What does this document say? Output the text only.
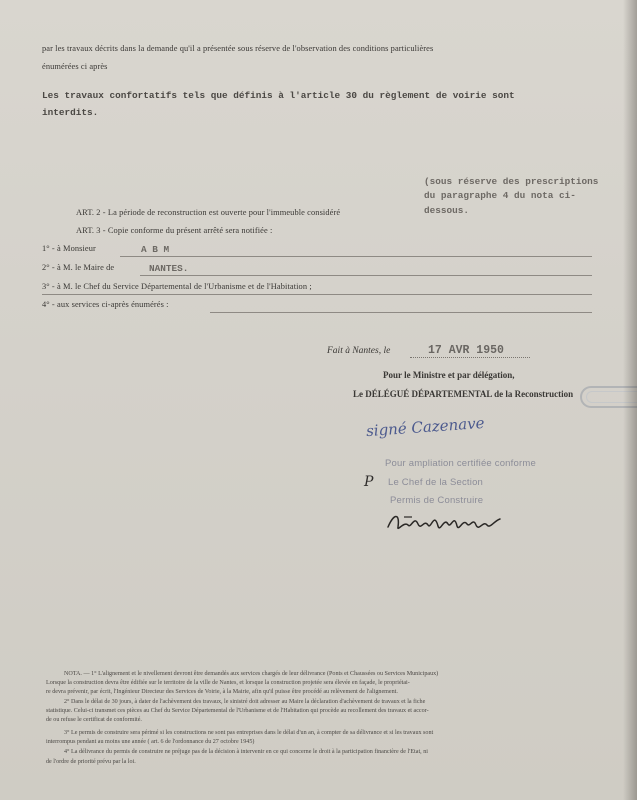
par les travaux décrits dans la demande qu'il a présentée sous réserve de l'observation des conditions particulières
énumérées ci après
Les travaux confortatifs tels que définis à l'article 30 du règlement de voirie sont
interdits.
(sous réserve des prescriptions
du paragraphe 4 du nota ci-
dessous.
ART. 2 - La période de reconstruction est ouverte pour l'immeuble considéré
ART. 3 - Copie conforme du présent arrêté sera notifiée :
1° - à Monsieur	A B M
2° - à M. le Maire de	NANTES.
3° - à M. le Chef du Service Départemental de l'Urbanisme et de l'Habitation ;
4° - aux services ci-après énumérés :
Fait à Nantes, le	17 AVR 1950
Pour le Ministre et par délégation,
Le DÉLÉGUÉ DÉPARTEMENTAL de la Reconstruction
signé Cazenave
Pour ampliation certifiée conforme
Le Chef de la Section
Permis de Construire
P
NOTA. — 1° L'alignement et le nivellement devront être demandés aux services chargés de leur délivrance (Ponts et Chaussées ou Services Municipaux)
Lorsque la construction devra être édifiée sur le territoire de la ville de Nantes, et lorsque la construction projetée sera élevée en façade, le propriétai-
re devra prévenir, par écrit, l'Ingénieur Directeur des Services de Voirie, à la Mairie, afin qu'il puisse être procédé au relèvement de l'alignement.
2° Dans le délai de 30 jours, à dater de l'achèvement des travaux, le sinistré doit adresser au Maire la déclaration d'achèvement de travaux et la fiche
statistique. Celui-ci transmet ces pièces au Chef du Service Départemental de l'Urbanisme et de l'Habitation qui procède au recollement des travaux et accor-
de ou refuse le certificat de conformité.
3° Le permis de construire sera périmé si les constructions ne sont pas entreprises dans le délai d'un an, à compter de sa délivrance et si les travaux sont
interrompus pendant au moins une année ( art. 6 de l'ordonnance du 27 octobre 1945)
4° La délivrance du permis de construire ne préjuge pas de la décision à intervenir en ce qui concerne le droit à la participation financière de l'Etat, ni
de l'ordre de priorité prévu par la loi.
